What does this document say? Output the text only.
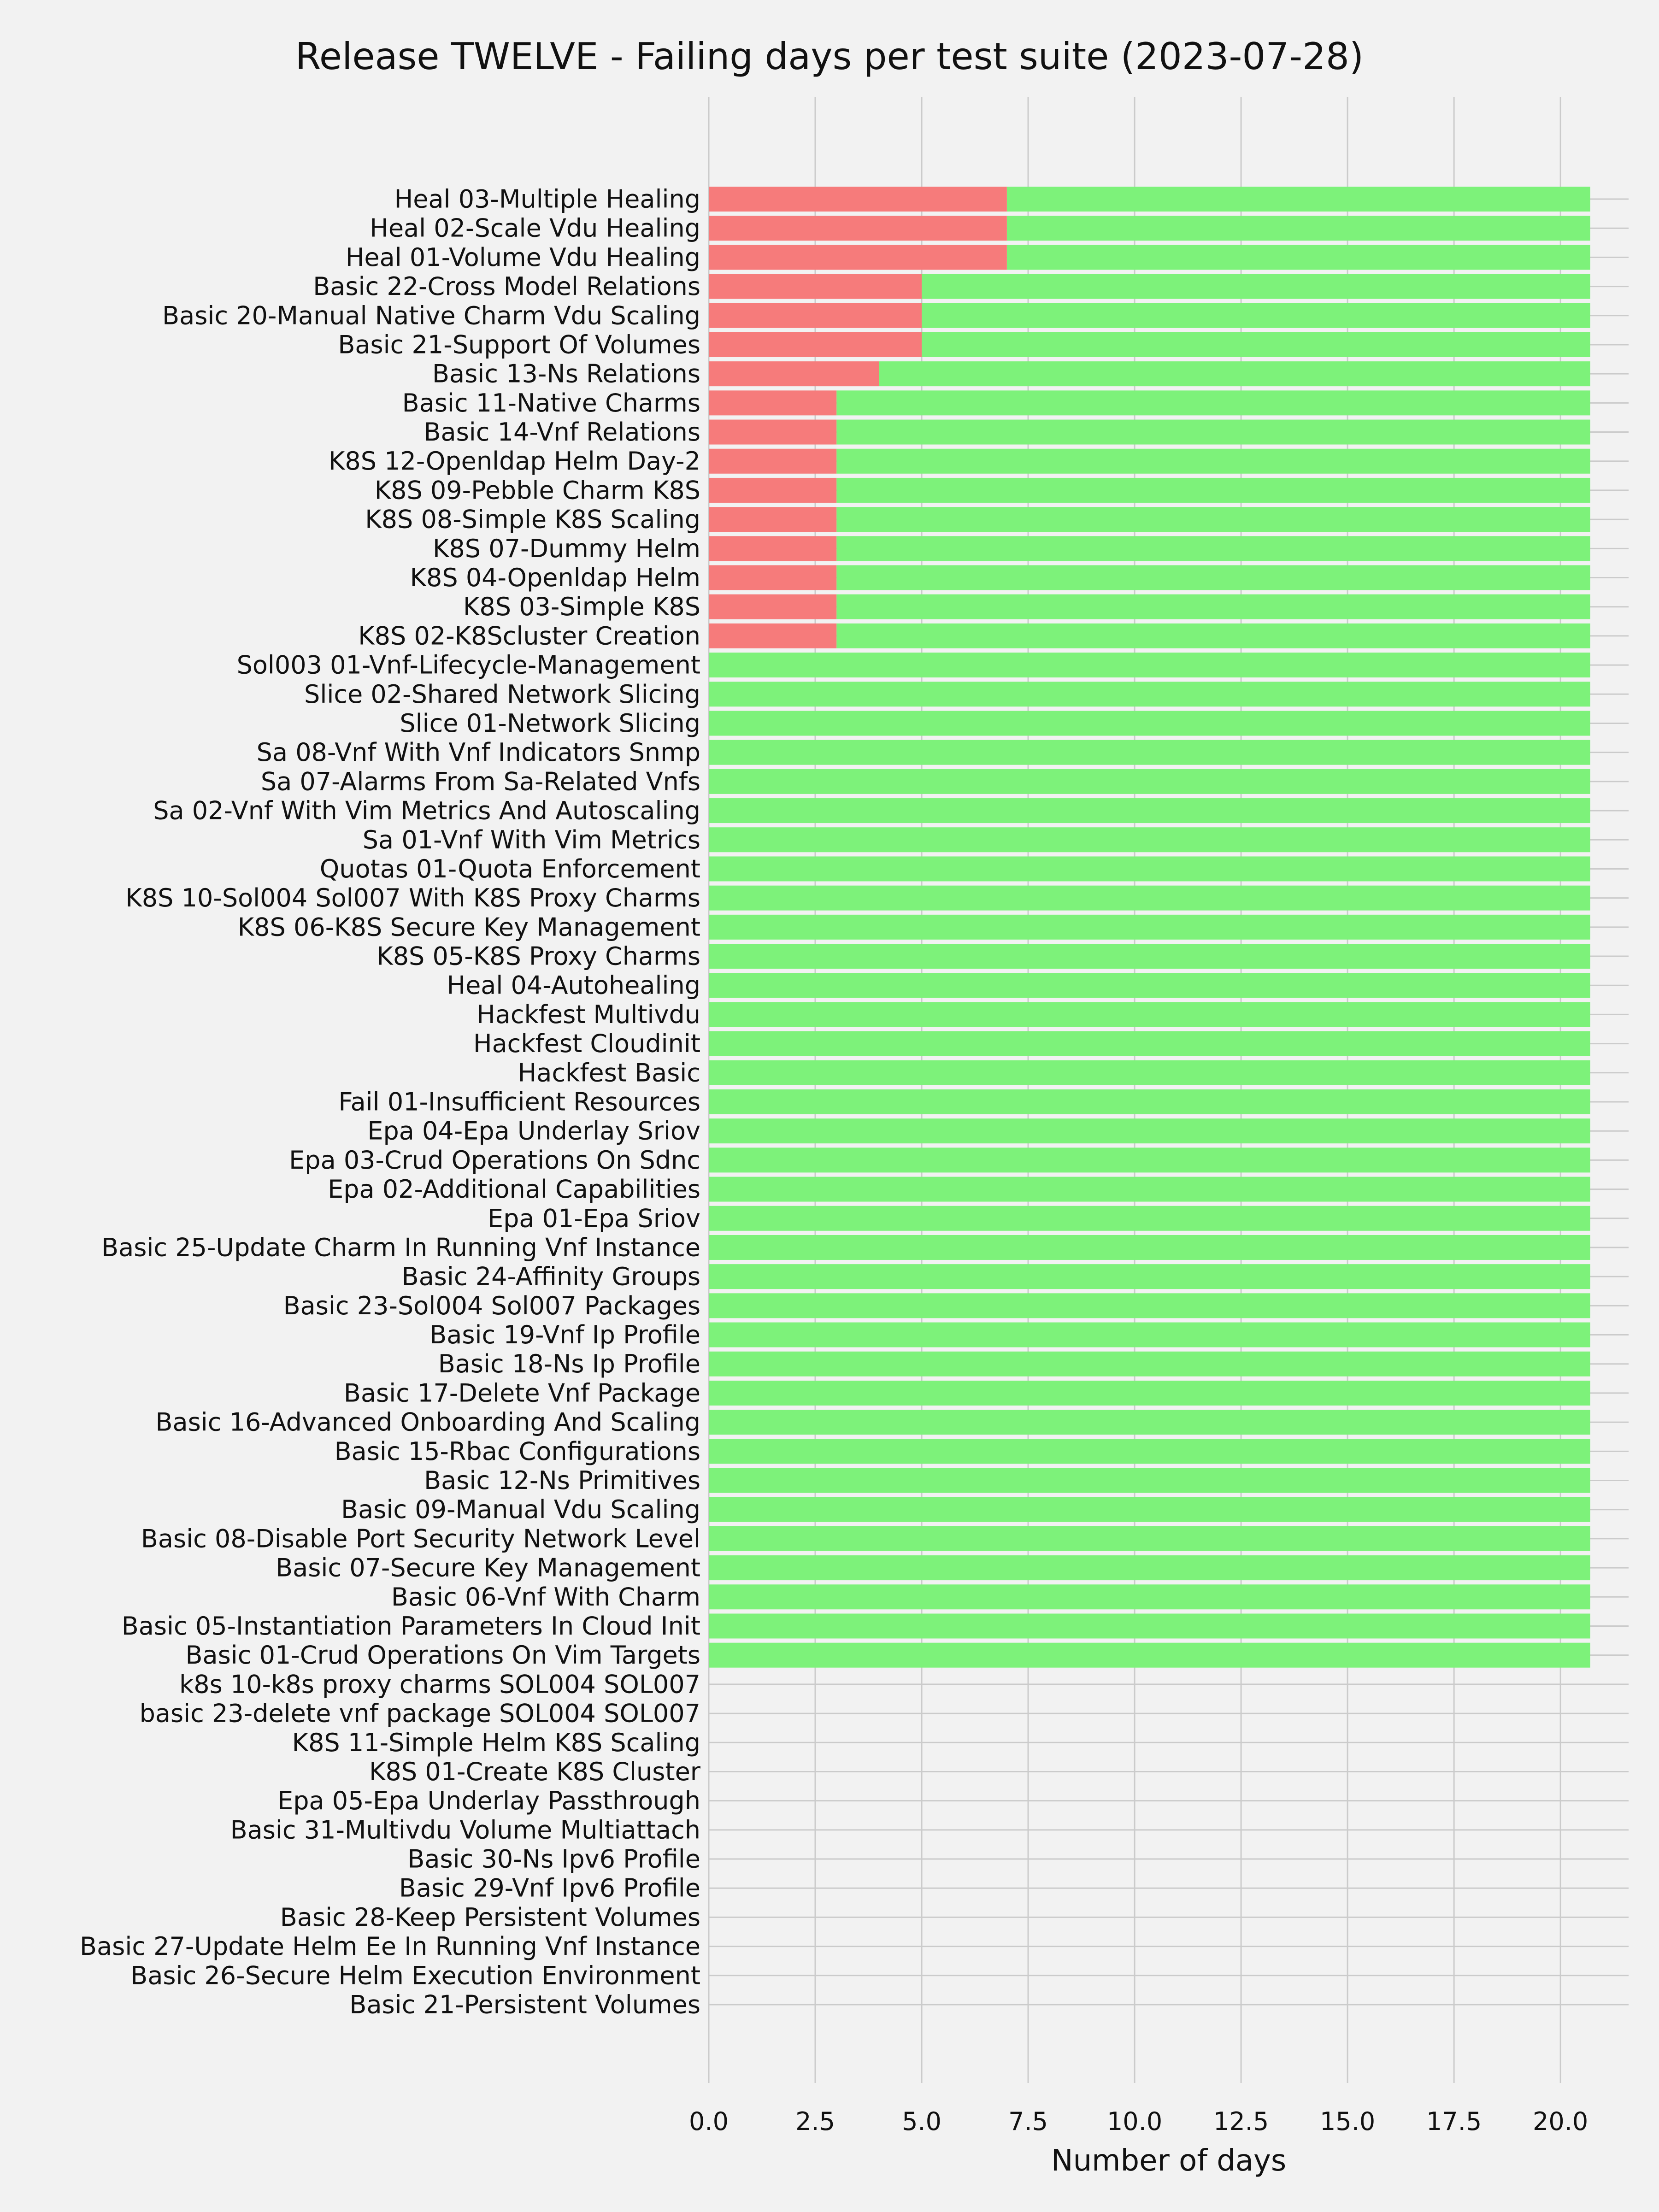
Release TWELVE - Failing days per test suite (2023-07-28)
Heal 03-Multiple Healing
Heal 02-Scale Vdu Healing
Heal 01-Volume Vdu Healing
Basic 22-Cross Model Relations
Basic 20-Manual Native Charm Vdu Scaling
Basic 21-Support Of Volumes
Basic 13-Ns Relations
Basic 11-Native Charms
Basic 14-Vnf Relations
K8S 12-Openldap Helm Day-2
K8S 09-Pebble Charm K8S
K8S 08-Simple K8S Scaling
K8S 07-Dummy Helm
K8S 04-Openldap Helm
K8S 03-Simple K8S
K8S 02-K8Scluster Creation
Sol003 01-Vnf-Lifecycle-Management
Slice 02-Shared Network Slicing
Slice 01-Network Slicing
Sa 08-Vnf With Vnf Indicators Snmp
Sa 07-Alarms From Sa-Related Vnfs
Sa 02-Vnf With Vim Metrics And Autoscaling
Sa 01-Vnf With Vim Metrics
Quotas 01-Quota Enforcement
K8S 10-Sol004 Sol007 With K8S Proxy Charms
K8S 06-K8S Secure Key Management
K8S 05-K8S Proxy Charms
Heal 04-Autohealing
Hackfest Multivdu
Hackfest Cloudinit
Hackfest Basic
Fail 01-Insufficient Resources
Epa 04-Epa Underlay Sriov
Epa 03-Crud Operations On Sdnc
Epa 02-Additional Capabilities
Epa 01-Epa Sriov
Basic 25-Update Charm In Running Vnf Instance
Basic 24-Affinity Groups
Basic 23-Sol004 Sol007 Packages
Basic 19-Vnf Ip Profile
Basic 18-Ns Ip Profile
Basic 17-Delete Vnf Package
Basic 16-Advanced Onboarding And Scaling
Basic 15-Rbac Configurations
Basic 12-Ns Primitives
Basic 09-Manual Vdu Scaling
Basic 08-Disable Port Security Network Level
Basic 07-Secure Key Management
Basic 06-Vnf With Charm
Basic 05-Instantiation Parameters In Cloud Init
Basic 01-Crud Operations On Vim Targets
k8s 10-k8s proxy charms SOL004 SOL007
basic 23-delete vnf package SOL004 SOL007
K8S 11-Simple Helm K8S Scaling
K8S 01-Create K8S Cluster
Epa 05-Epa Underlay Passthrough
Basic 31-Multivdu Volume Multiattach
Basic 30-Ns Ipv6 Profile
Basic 29-Vnf Ipv6 Profile
Basic 28-Keep Persistent Volumes
Basic 27-Update Helm Ee In Running Vnf Instance
Basic 26-Secure Helm Execution Environment
Basic 21-Persistent Volumes
0.0	2.5	5.0	7.5 10.0 12.5 15.0 17.5 20.0
Number of days
